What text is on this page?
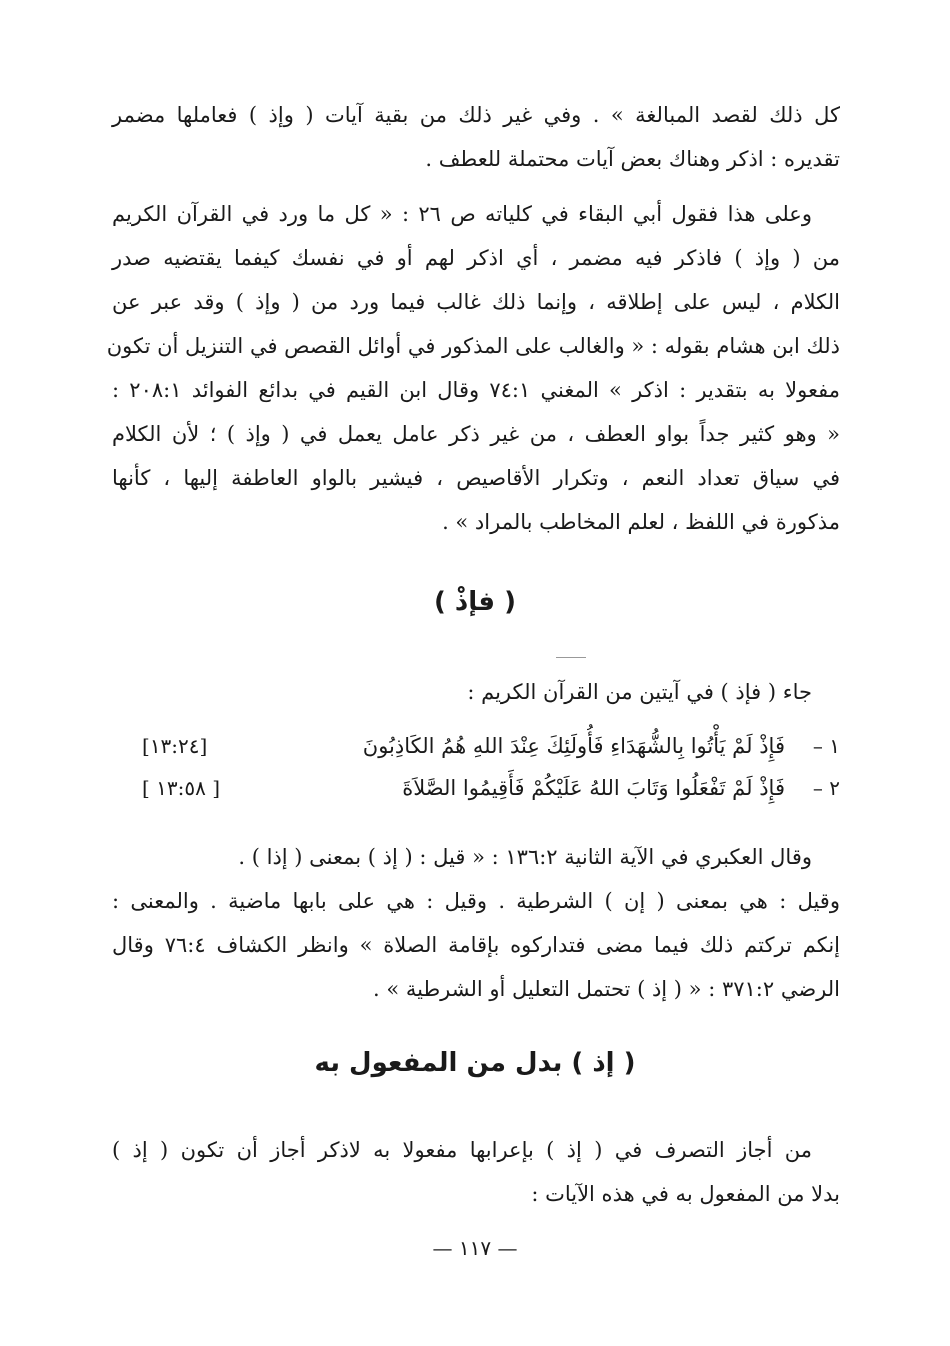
كل ذلك لقصد المبالغة » . وفي غير ذلك من بقية آيات ( وإذ ) فعاملها مضمر
تقديره : اذكر وهناك بعض آيات محتملة للعطف .
وعلى هذا فقول أبي البقاء في كلياته ص ٢٦ : « كل ما ورد في القرآن الكريم
من ( وإذ ) فاذكر فيه مضمر ، أي اذكر لهم أو في نفسك كيفما يقتضيه صدر
الكلام ، ليس على إطلاقه ، وإنما ذلك غالب فيما ورد من ( وإذ ) وقد عبر عن
ذلك ابن هشام بقوله : « والغالب على المذكور في أوائل القصص في التنزيل أن تكون
مفعولا به بتقدير : اذكر » المغني ٧٤:١ وقال ابن القيم في بدائع الفوائد ٢٠٨:١ :
« وهو كثير جداً بواو العطف ، من غير ذكر عامل يعمل في ( وإذ ) ؛ لأن الكلام
في سياق تعداد النعم ، وتكرار الأقاصيص ، فيشير بالواو العاطفة إليها ، كأنها
مذكورة في اللفظ ، لعلم المخاطب بالمراد » .
( فإذْ )
جاء ( فإذ ) في آيتين من القرآن الكريم :
١ –
فَإِذْ لَمْ يَأْتُوا بِالشُّهَدَاءِ فَأُولَئِكَ عِنْدَ اللهِ هُمُ الكَاذِبُونَ
[١٣:٢٤]
٢ –
فَإِذْ لَمْ تَفْعَلُوا وَتَابَ اللهُ عَلَيْكُمْ فَأَقِيمُوا الصَّلاَةَ
[ ١٣:٥٨ ]
وقال العكبري في الآية الثانية ١٣٦:٢ : « قيل : ( إذ ) بمعنى ( إذا ) .
وقيل : هي بمعنى ( إن ) الشرطية . وقيل : هي على بابها ماضية . والمعنى :
إنكم تركتم ذلك فيما مضى فتداركوه بإقامة الصلاة » وانظر الكشاف ٧٦:٤ وقال
الرضي ٣٧١:٢ : « ( إذ ) تحتمل التعليل أو الشرطية » .
( إذ ) بدل من المفعول به
من أجاز التصرف في ( إذ ) بإعرابها مفعولا به لاذكر أجاز أن تكون ( إذ )
بدلا من المفعول به في هذه الآيات :
— ١١٧ —
